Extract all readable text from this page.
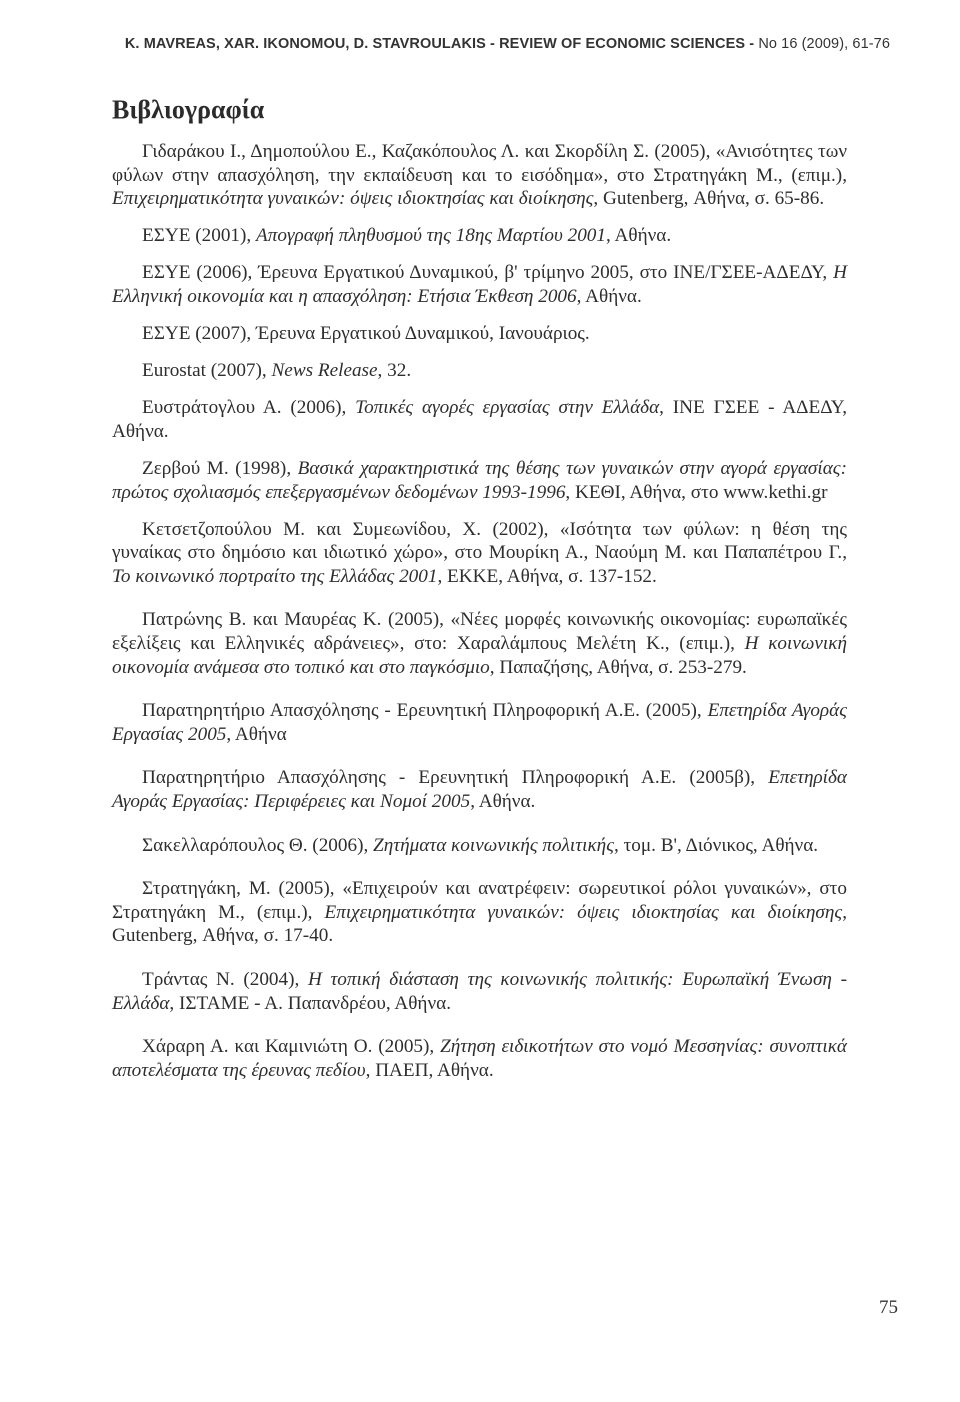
K. MAVREAS, XAR. IKONOMOU, D. STAVROULAKIS - REVIEW OF ECONOMIC SCIENCES - No 16 (2009), 61-76
Βιβλιογραφία

Γιδαράκου Ι., Δημοπούλου Ε., Καζακόπουλος Λ. και Σκορδίλη Σ. (2005), «Ανισότητες των φύλων στην απασχόληση, την εκπαίδευση και το εισόδημα», στο Στρατηγάκη Μ., (επιμ.), Επιχειρηματικότητα γυναικών: όψεις ιδιοκτησίας και διοίκησης, Gutenberg, Αθήνα, σ. 65-86.

ΕΣΥΕ (2001), Απογραφή πληθυσμού της 18ης Μαρτίου 2001, Αθήνα.

ΕΣΥΕ (2006), Έρευνα Εργατικού Δυναμικού, β' τρίμηνο 2005, στο ΙΝΕ/ΓΣΕΕ-ΑΔΕΔΥ, Η Ελληνική οικονομία και η απασχόληση: Ετήσια Έκθεση 2006, Αθήνα.

ΕΣΥΕ (2007), Έρευνα Εργατικού Δυναμικού, Ιανουάριος.

Eurostat (2007), News Release, 32.

Ευστράτογλου Α. (2006), Τοπικές αγορές εργασίας στην Ελλάδα, ΙΝΕ ΓΣΕΕ - ΑΔΕΔΥ, Αθήνα.

Ζερβού Μ. (1998), Βασικά χαρακτηριστικά της θέσης των γυναικών στην αγορά εργασίας: πρώτος σχολιασμός επεξεργασμένων δεδομένων 1993-1996, ΚΕΘΙ, Αθήνα, στο www.kethi.gr

Κετσετζοπούλου Μ. και Συμεωνίδου, Χ. (2002), «Ισότητα των φύλων: η θέση της γυναίκας στο δημόσιο και ιδιωτικό χώρο», στο Μουρίκη Α., Ναούμη Μ. και Παπαπέτρου Γ., Το κοινωνικό πορτραίτο της Ελλάδας 2001, ΕΚΚΕ, Αθήνα, σ. 137-152.

Πατρώνης Β. και Μαυρέας Κ. (2005), «Νέες μορφές κοινωνικής οικονομίας: ευρωπαϊκές εξελίξεις και Ελληνικές αδράνειες», στο: Χαραλάμπους Μελέτη Κ., (επιμ.), Η κοινωνική οικονομία ανάμεσα στο τοπικό και στο παγκόσμιο, Παπαζήσης, Αθήνα, σ. 253-279.

Παρατηρητήριο Απασχόλησης - Ερευνητική Πληροφορική Α.Ε. (2005), Επετηρίδα Αγοράς Εργασίας 2005, Αθήνα

Παρατηρητήριο Απασχόλησης - Ερευνητική Πληροφορική Α.Ε. (2005β), Επετηρίδα Αγοράς Εργασίας: Περιφέρειες και Νομοί 2005, Αθήνα.

Σακελλαρόπουλος Θ. (2006), Ζητήματα κοινωνικής πολιτικής, τομ. Β', Διόνικος, Αθήνα.

Στρατηγάκη, Μ. (2005), «Επιχειρούν και ανατρέφειν: σωρευτικοί ρόλοι γυναικών», στο Στρατηγάκη Μ., (επιμ.), Επιχειρηματικότητα γυναικών: όψεις ιδιοκτησίας και διοίκησης, Gutenberg, Αθήνα, σ. 17-40.

Τράντας Ν. (2004), Η τοπική διάσταση της κοινωνικής πολιτικής: Ευρωπαϊκή Ένωση - Ελλάδα, ΙΣΤΑΜΕ - Α. Παπανδρέου, Αθήνα.

Χάραρη Α. και Καμινιώτη Ο. (2005), Ζήτηση ειδικοτήτων στο νομό Μεσσηνίας: συνοπτικά αποτελέσματα της έρευνας πεδίου, ΠΑΕΠ, Αθήνα.

75
